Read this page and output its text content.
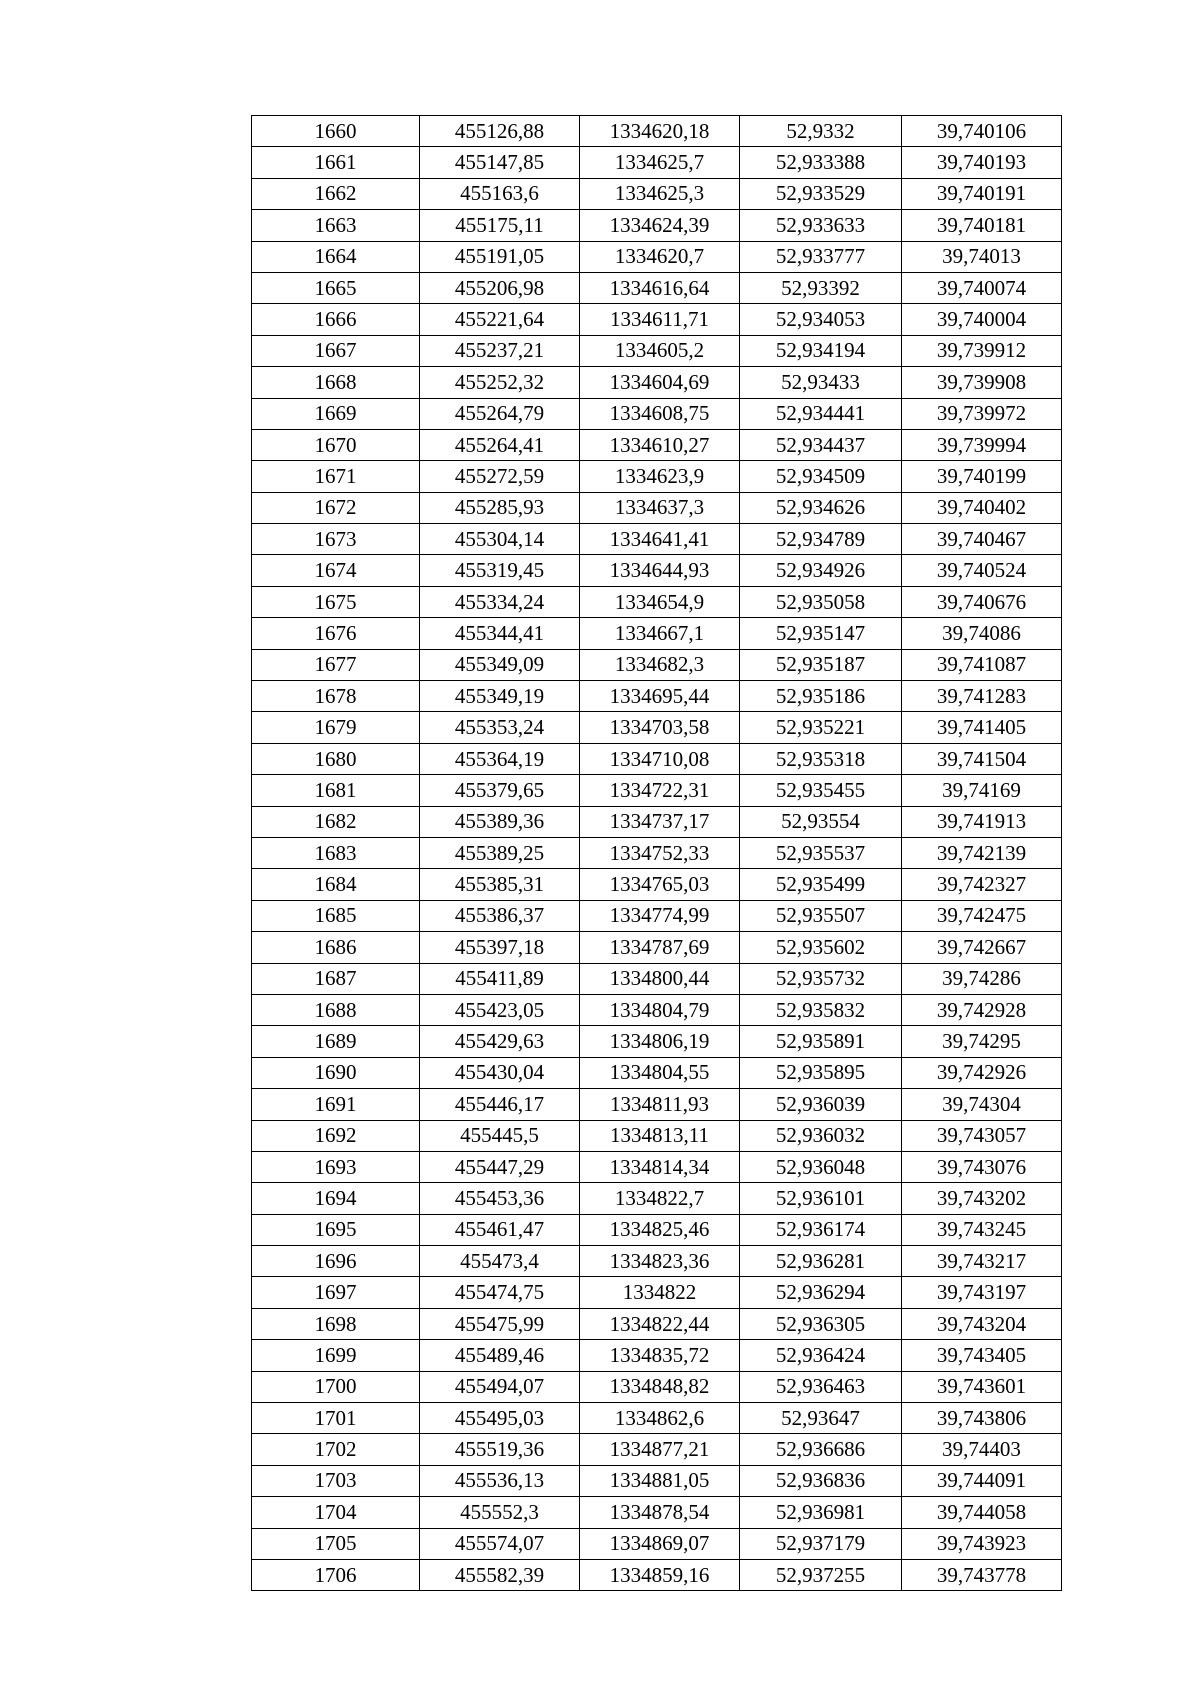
1660	455126,88	1334620,18	52,9332	39,740106
1661	455147,85	1334625,7	52,933388	39,740193
1662	455163,6	1334625,3	52,933529	39,740191
1663	455175,11	1334624,39	52,933633	39,740181
1664	455191,05	1334620,7	52,933777	39,74013
1665	455206,98	1334616,64	52,93392	39,740074
1666	455221,64	1334611,71	52,934053	39,740004
1667	455237,21	1334605,2	52,934194	39,739912
1668	455252,32	1334604,69	52,93433	39,739908
1669	455264,79	1334608,75	52,934441	39,739972
1670	455264,41	1334610,27	52,934437	39,739994
1671	455272,59	1334623,9	52,934509	39,740199
1672	455285,93	1334637,3	52,934626	39,740402
1673	455304,14	1334641,41	52,934789	39,740467
1674	455319,45	1334644,93	52,934926	39,740524
1675	455334,24	1334654,9	52,935058	39,740676
1676	455344,41	1334667,1	52,935147	39,74086
1677	455349,09	1334682,3	52,935187	39,741087
1678	455349,19	1334695,44	52,935186	39,741283
1679	455353,24	1334703,58	52,935221	39,741405
1680	455364,19	1334710,08	52,935318	39,741504
1681	455379,65	1334722,31	52,935455	39,74169
1682	455389,36	1334737,17	52,93554	39,741913
1683	455389,25	1334752,33	52,935537	39,742139
1684	455385,31	1334765,03	52,935499	39,742327
1685	455386,37	1334774,99	52,935507	39,742475
1686	455397,18	1334787,69	52,935602	39,742667
1687	455411,89	1334800,44	52,935732	39,74286
1688	455423,05	1334804,79	52,935832	39,742928
1689	455429,63	1334806,19	52,935891	39,74295
1690	455430,04	1334804,55	52,935895	39,742926
1691	455446,17	1334811,93	52,936039	39,74304
1692	455445,5	1334813,11	52,936032	39,743057
1693	455447,29	1334814,34	52,936048	39,743076
1694	455453,36	1334822,7	52,936101	39,743202
1695	455461,47	1334825,46	52,936174	39,743245
1696	455473,4	1334823,36	52,936281	39,743217
1697	455474,75	1334822	52,936294	39,743197
1698	455475,99	1334822,44	52,936305	39,743204
1699	455489,46	1334835,72	52,936424	39,743405
1700	455494,07	1334848,82	52,936463	39,743601
1701	455495,03	1334862,6	52,93647	39,743806
1702	455519,36	1334877,21	52,936686	39,74403
1703	455536,13	1334881,05	52,936836	39,744091
1704	455552,3	1334878,54	52,936981	39,744058
1705	455574,07	1334869,07	52,937179	39,743923
1706	455582,39	1334859,16	52,937255	39,743778
